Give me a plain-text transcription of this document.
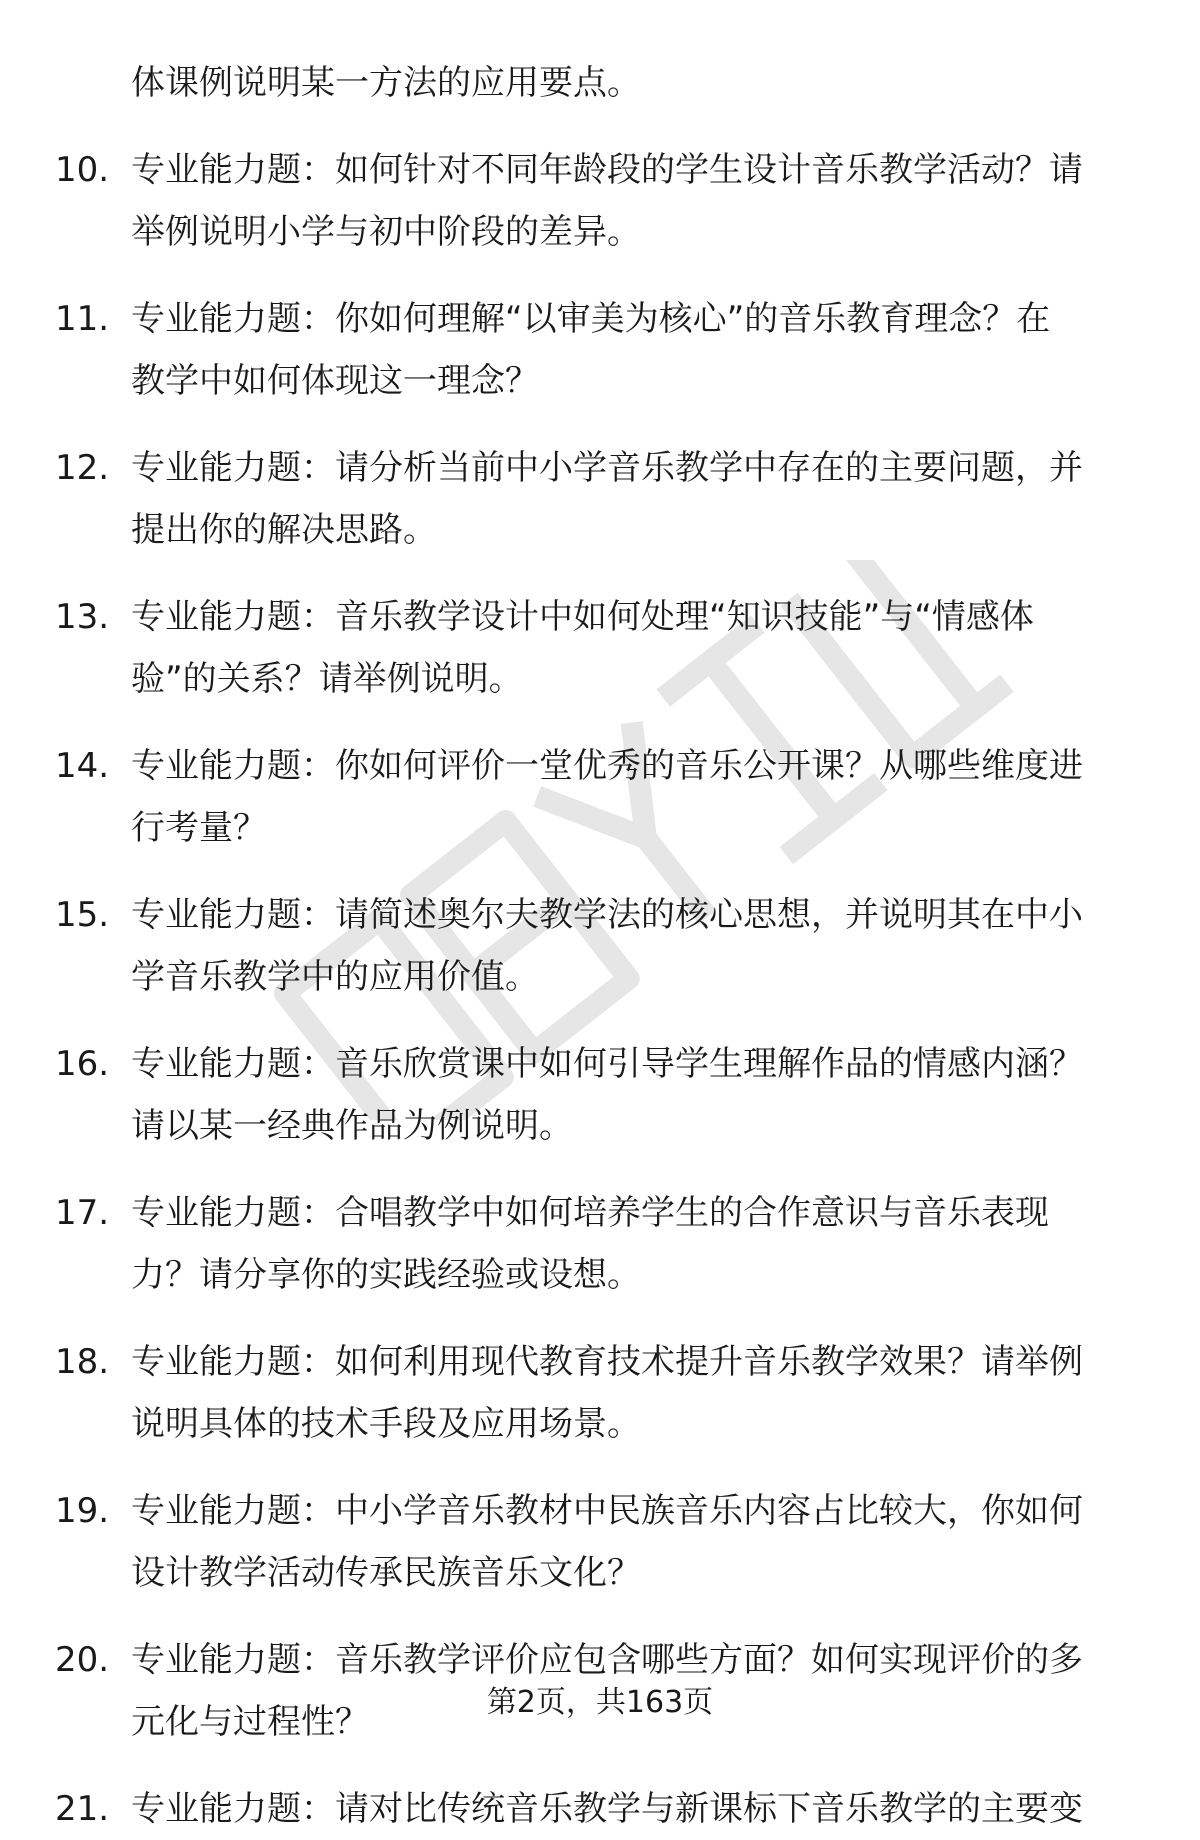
体课例说明某一方法的应用要点。
10. 专业能力题：如何针对不同年龄段的学生设计音乐教学活动？请
举例说明小学与初中阶段的差异。
11. 专业能力题：你如何理解“以审美为核心”的音乐教育理念？在
教学中如何体现这一理念？
12. 专业能力题：请分析当前中小学音乐教学中存在的主要问题，并
提出你的解决思路。
13. 专业能力题：音乐教学设计中如何处理“知识技能”与“情感体
验”的关系？请举例说明。
14. 专业能力题：你如何评价一堂优秀的音乐公开课？从哪些维度进
行考量？
15. 专业能力题：请简述奥尔夫教学法的核心思想，并说明其在中小
学音乐教学中的应用价值。
16. 专业能力题：音乐欣赏课中如何引导学生理解作品的情感内涵？
请以某一经典作品为例说明。
17. 专业能力题：合唱教学中如何培养学生的合作意识与音乐表现
力？请分享你的实践经验或设想。
18. 专业能力题：如何利用现代教育技术提升音乐教学效果？请举例
说明具体的技术手段及应用场景。
19. 专业能力题：中小学音乐教材中民族音乐内容占比较大，你如何
设计教学活动传承民族音乐文化？
20. 专业能力题：音乐教学评价应包含哪些方面？如何实现评价的多
元化与过程性？
21. 专业能力题：请对比传统音乐教学与新课标下音乐教学的主要变
第2页，共163页
